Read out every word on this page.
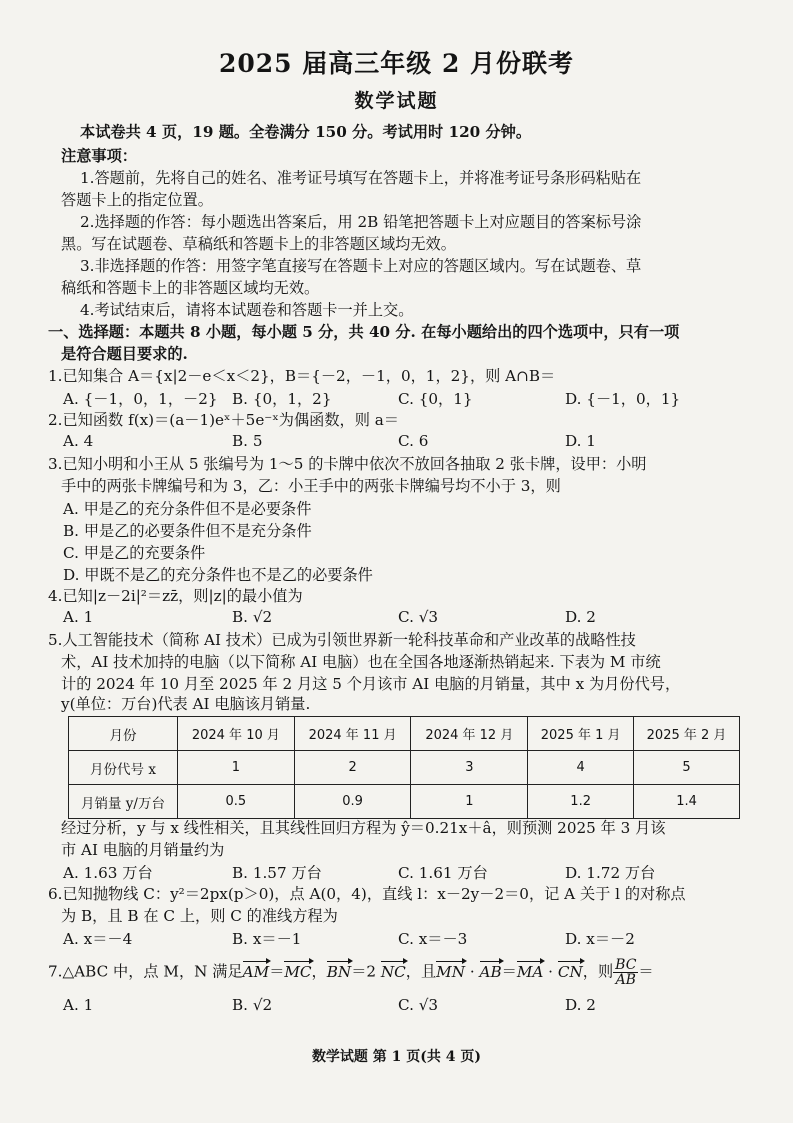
2025 届高三年级 2 月份联考
数学试题
本试卷共 4 页，19 题。全卷满分 150 分。考试用时 120 分钟。
注意事项：
1.答题前，先将自己的姓名、准考证号填写在答题卡上，并将准考证号条形码粘贴在
答题卡上的指定位置。
2.选择题的作答：每小题选出答案后，用 2B 铅笔把答题卡上对应题目的答案标号涂
黑。写在试题卷、草稿纸和答题卡上的非答题区域均无效。
3.非选择题的作答：用签字笔直接写在答题卡上对应的答题区域内。写在试题卷、草
稿纸和答题卡上的非答题区域均无效。
4.考试结束后，请将本试题卷和答题卡一并上交。
一、选择题：本题共 8 小题，每小题 5 分，共 40 分. 在每小题给出的四个选项中，只有一项
是符合题目要求的.
1.已知集合 A＝{x|2－e＜x＜2}，B＝{－2，－1，0，1，2}，则 A∩B＝
A. {－1，0，1，－2} B. {0，1，2}	C. {0，1}	D. {－1，0，1}
2.已知函数 f(x)＝(a－1)eˣ＋5e⁻ˣ为偶函数，则 a＝
A. 4	B. 5	C. 6	D. 1
3.已知小明和小王从 5 张编号为 1～5 的卡牌中依次不放回各抽取 2 张卡牌，设甲：小明
手中的两张卡牌编号和为 3，乙：小王手中的两张卡牌编号均不小于 3，则
A. 甲是乙的充分条件但不是必要条件
B. 甲是乙的必要条件但不是充分条件
C. 甲是乙的充要条件
D. 甲既不是乙的充分条件也不是乙的必要条件
4.已知|z－2i|²＝zz̄，则|z|的最小值为
A. 1	B. √2	C. √3	D. 2
5.人工智能技术（简称 AI 技术）已成为引领世界新一轮科技革命和产业改革的战略性技
术，AI 技术加持的电脑（以下简称 AI 电脑）也在全国各地逐渐热销起来. 下表为 M 市统
计的 2024 年 10 月至 2025 年 2 月这 5 个月该市 AI 电脑的月销量，其中 x 为月份代号，
y(单位：万台)代表 AI 电脑该月销量.
月份	2024 年 10 月	2024 年 11 月	2024 年 12 月	2025 年 1 月	2025 年 2 月
月份代号 x	1	2	3	4	5
月销量 y/万台	0.5	0.9	1	1.2	1.4
经过分析，y 与 x 线性相关，且其线性回归方程为 ŷ＝0.21x＋â，则预测 2025 年 3 月该
市 AI 电脑的月销量约为
A. 1.63 万台	B. 1.57 万台	C. 1.61 万台	D. 1.72 万台
6.已知抛物线 C：y²＝2px(p＞0)，点 A(0，4)，直线 l：x－2y－2＝0，记 A 关于 l 的对称点
为 B，且 B 在 C 上，则 C 的准线方程为
A. x＝－4	B. x＝－1	C. x＝－3	D. x＝－2
7.△ABC 中，点 M，N 满足AM＝MC，BN＝2 NC，且MN · AB＝MA · CN，则 $\frac{BC}{AB}$ ＝
A. 1	B. √2	C. √3	D. 2
数学试题 第 1 页(共 4 页)
